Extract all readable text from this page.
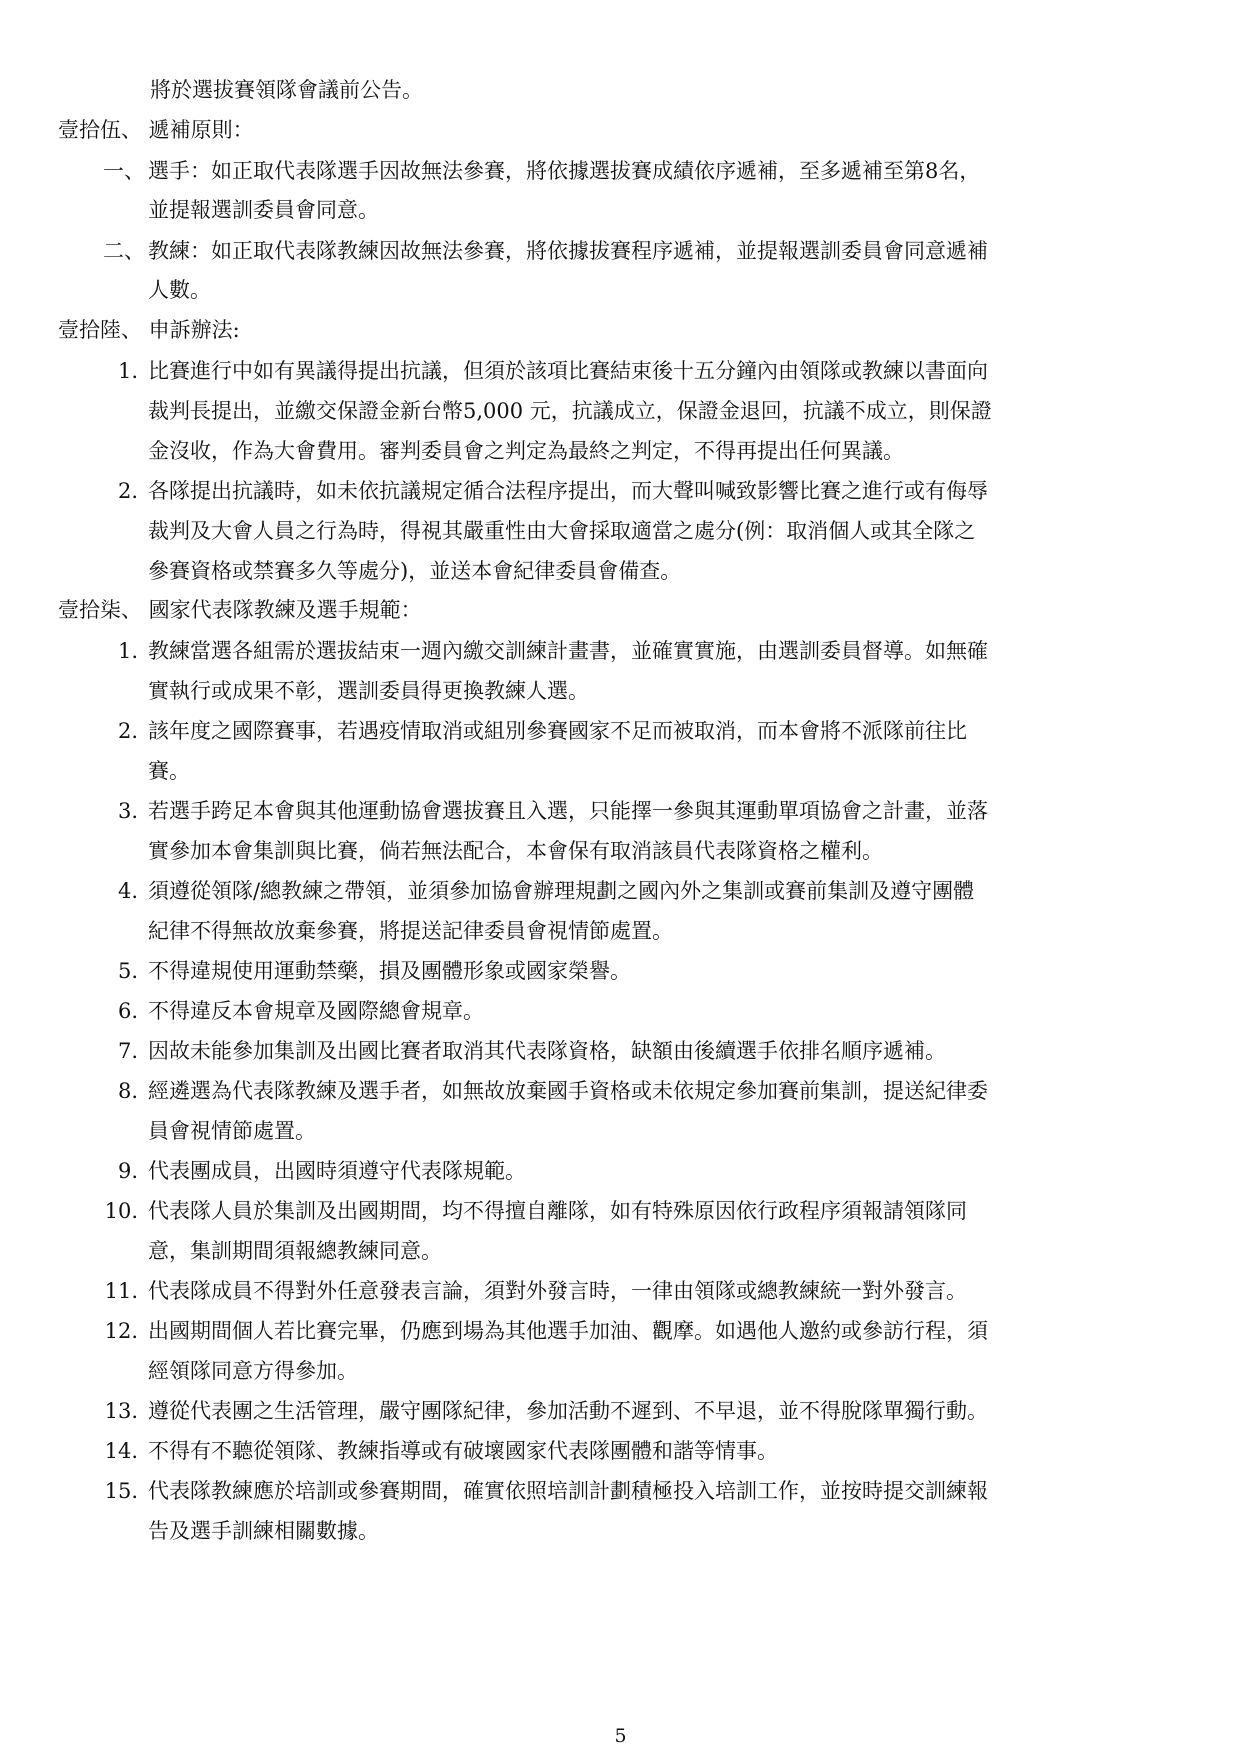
將於選拔賽領隊會議前公告。
壹拾伍、 遞補原則：
一、 選手：如正取代表隊選手因故無法參賽，將依據選拔賽成績依序遞補，至多遞補至第8名，
並提報選訓委員會同意。
二、 教練：如正取代表隊教練因故無法參賽，將依據拔賽程序遞補，並提報選訓委員會同意遞補
人數。
壹拾陸、 申訴辦法:
1. 比賽進行中如有異議得提出抗議，但須於該項比賽結束後十五分鐘內由領隊或教練以書面向
裁判長提出，並繳交保證金新台幣5,000 元，抗議成立，保證金退回，抗議不成立，則保證
金沒收，作為大會費用。審判委員會之判定為最終之判定，不得再提出任何異議。
2. 各隊提出抗議時，如未依抗議規定循合法程序提出，而大聲叫喊致影響比賽之進行或有侮辱
裁判及大會人員之行為時，得視其嚴重性由大會採取適當之處分(例：取消個人或其全隊之
參賽資格或禁賽多久等處分)，並送本會紀律委員會備查。
壹拾柒、 國家代表隊教練及選手規範：
1. 教練當選各組需於選拔結束一週內繳交訓練計畫書，並確實實施，由選訓委員督導。如無確
實執行或成果不彰，選訓委員得更換教練人選。
2. 該年度之國際賽事，若遇疫情取消或組別參賽國家不足而被取消，而本會將不派隊前往比
賽。
3. 若選手跨足本會與其他運動協會選拔賽且入選，只能擇一參與其運動單項協會之計畫，並落
實參加本會集訓與比賽，倘若無法配合，本會保有取消該員代表隊資格之權利。
4. 須遵從領隊/總教練之帶領，並須參加協會辦理規劃之國內外之集訓或賽前集訓及遵守團體
紀律不得無故放棄參賽，將提送記律委員會視情節處置。
5. 不得違規使用運動禁藥，損及團體形象或國家榮譽。
6. 不得違反本會規章及國際總會規章。
7. 因故未能參加集訓及出國比賽者取消其代表隊資格，缺額由後續選手依排名順序遞補。
8. 經遴選為代表隊教練及選手者，如無故放棄國手資格或未依規定參加賽前集訓，提送紀律委
員會視情節處置。
9. 代表團成員，出國時須遵守代表隊規範。
10. 代表隊人員於集訓及出國期間，均不得擅自離隊，如有特殊原因依行政程序須報請領隊同
意，集訓期間須報總教練同意。
11. 代表隊成員不得對外任意發表言論，須對外發言時，一律由領隊或總教練統一對外發言。
12. 出國期間個人若比賽完畢，仍應到場為其他選手加油、觀摩。如遇他人邀約或參訪行程，須
經領隊同意方得參加。
13. 遵從代表團之生活管理，嚴守團隊紀律，參加活動不遲到、不早退，並不得脫隊單獨行動。
14. 不得有不聽從領隊、教練指導或有破壞國家代表隊團體和諧等情事。
15. 代表隊教練應於培訓或參賽期間，確實依照培訓計劃積極投入培訓工作，並按時提交訓練報
告及選手訓練相關數據。
5
